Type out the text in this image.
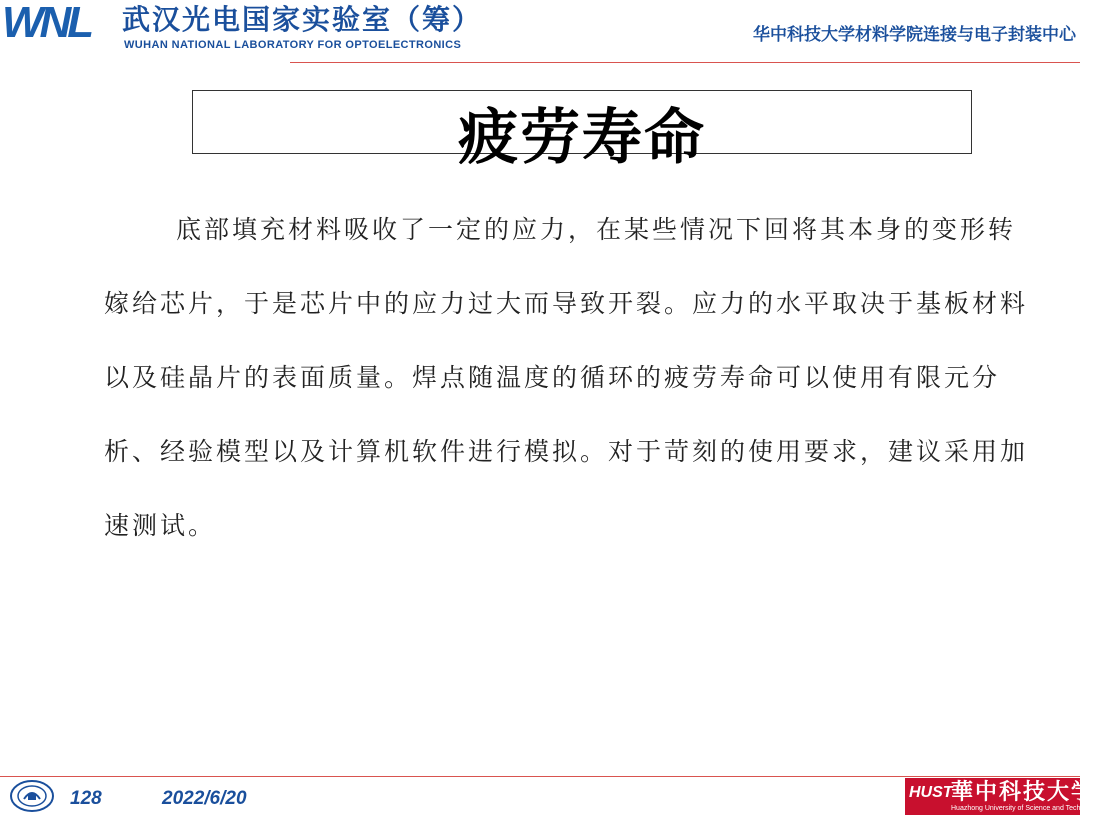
WNL	武汉光电国家实验室（筹）
WUHAN NATIONAL LABORATORY FOR OPTOELECTRONICS	华中科技大学材料学院连接与电子封装中心
疲劳寿命

底部填充材料吸收了一定的应力，在某些情况下回将其本身的变形转嫁给芯片，于是芯片中的应力过大而导致开裂。应力的水平取决于基板材料以及硅晶片的表面质量。焊点随温度的循环的疲劳寿命可以使用有限元分析、经验模型以及计算机软件进行模拟。对于苛刻的使用要求，建议采用加速测试。

128	2022/6/20	HUST
華中科技大学
Huazhong University of Science and Technology
